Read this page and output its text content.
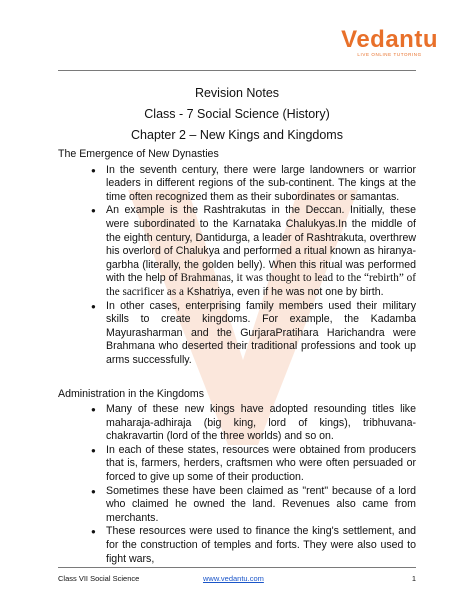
Vedantu
LIVE ONLINE TUTORING
Revision Notes
Class - 7 Social Science (History)
Chapter 2 – New Kings and Kingdoms
The Emergence of New Dynasties
● In the seventh century, there were large landowners or warrior leaders in different regions of the sub-continent. The kings at the time often recognized them as their subordinates or samantas.
● An example is the Rashtrakutas in the Deccan. Initially, these were subordinated to the Karnataka Chalukyas.In the middle of the eighth century, Dantidurga, a leader of Rashtrakuta, overthrew his overlord of Chalukya and performed a ritual known as hiranya-garbha (literally, the golden belly). When this ritual was performed with the help of Brahmanas, it was thought to lead to the “rebirth” of the sacrificer as a Kshatriya, even if he was not one by birth.
● In other cases, enterprising family members used their military skills to create kingdoms. For example, the Kadamba Mayurasharman and the GurjaraPratihara Harichandra were Brahmana who deserted their traditional professions and took up arms successfully.
Administration in the Kingdoms
● Many of these new kings have adopted resounding titles like maharaja-adhiraja (big king, lord of kings), tribhuvana-chakravartin (lord of the three worlds) and so on.
● In each of these states, resources were obtained from producers that is, farmers, herders, craftsmen who were often persuaded or forced to give up some of their production.
● Sometimes these have been claimed as "rent" because of a lord who claimed he owned the land. Revenues also came from merchants.
● These resources were used to finance the king's settlement, and for the construction of temples and forts. They were also used to fight wars,
Class VII Social Science	www.vedantu.com	1
